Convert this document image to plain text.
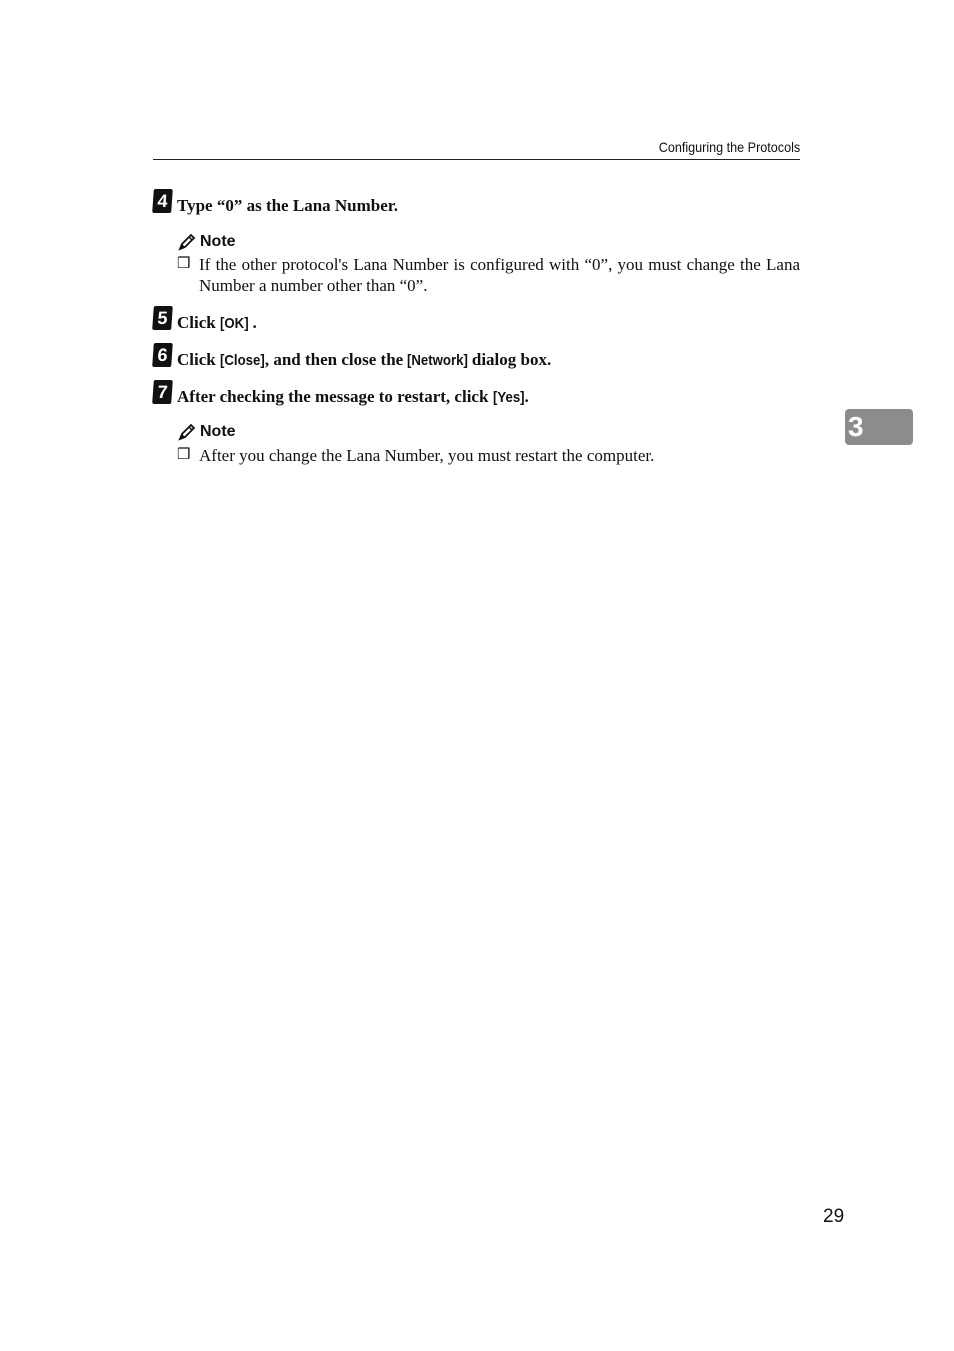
Configuring the Protocols
4 Type “0” as the Lana Number.
Note
❒ If the other protocol's Lana Number is configured with “0”, you must change the Lana Number a number other than “0”.
5 Click [OK] .
6 Click [Close], and then close the [Network] dialog box.
7 After checking the message to restart, click [Yes].
Note
❒ After you change the Lana Number, you must restart the computer.
3
29
